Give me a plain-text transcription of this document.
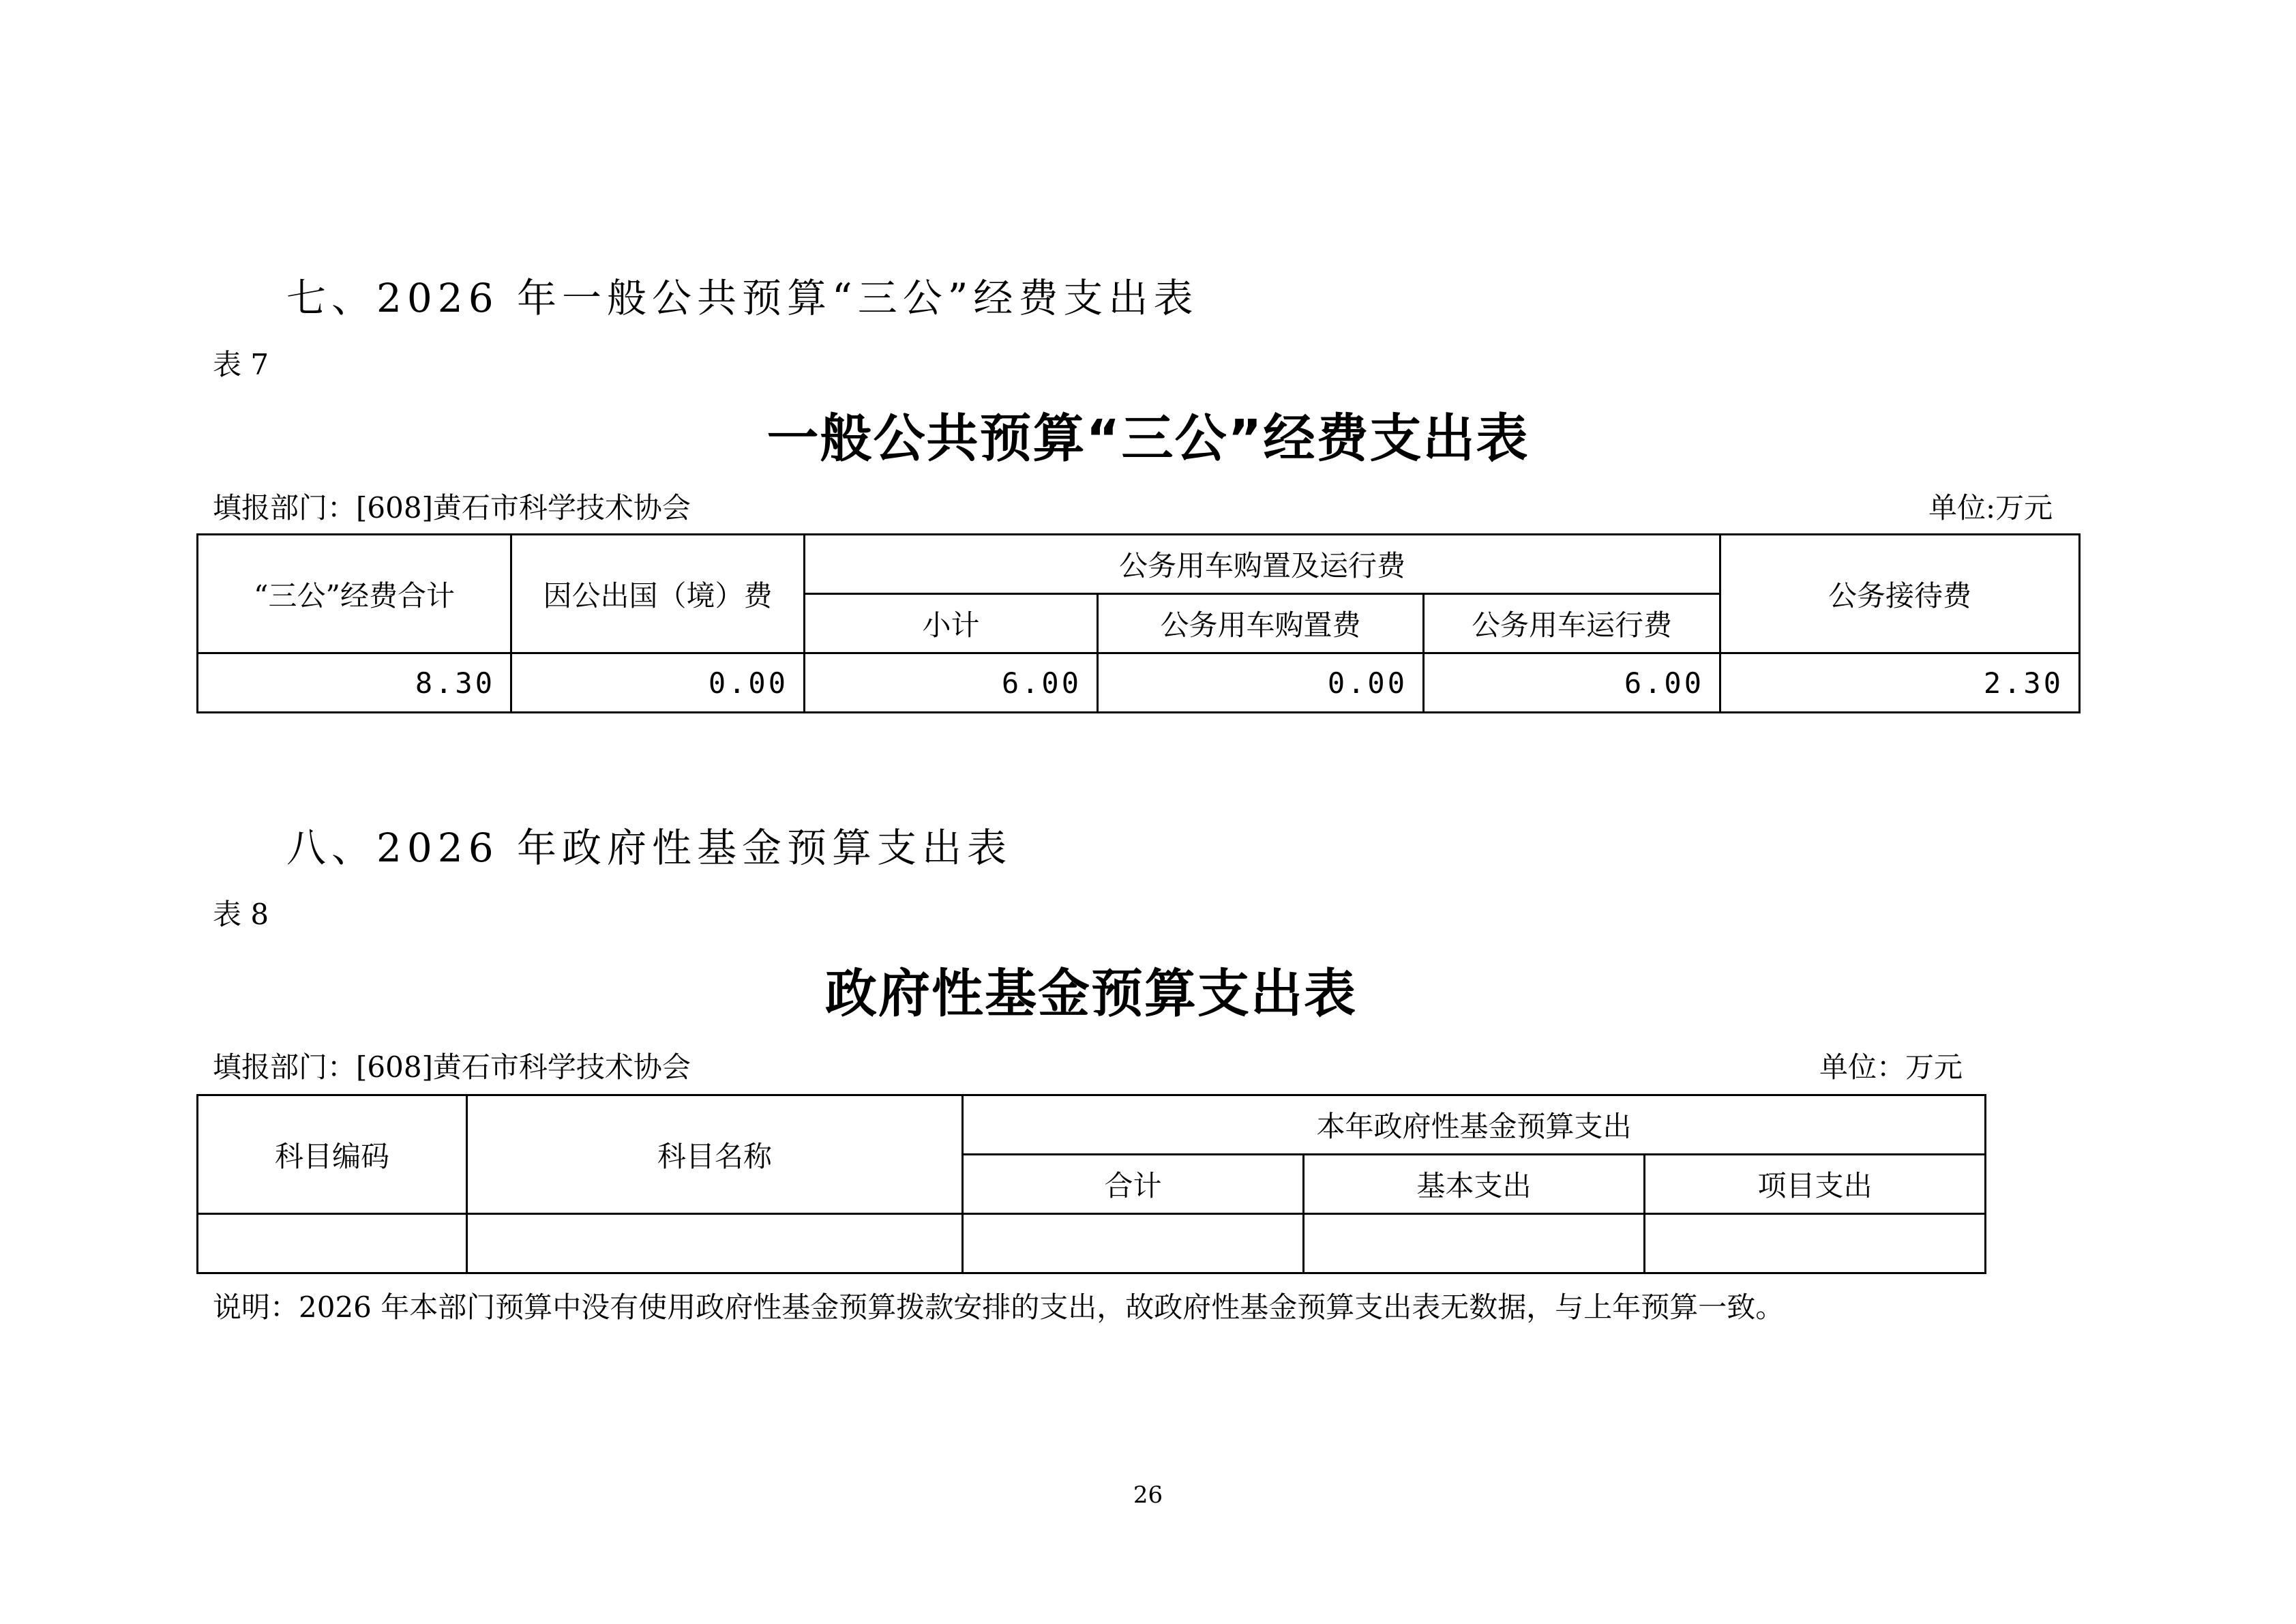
七、2026 年一般公共预算“三公”经费支出表
表 7
一般公共预算“三公”经费支出表
填报部门：[608]黄石市科学技术协会	单位:万元
“三公”经费合计	因公出国（境）费	公务用车购置及运行费			公务接待费
		小计	公务用车购置费	公务用车运行费	
8.30	0.00	6.00	0.00	6.00	2.30
八、2026 年政府性基金预算支出表
表 8
政府性基金预算支出表
填报部门：[608]黄石市科学技术协会	单位：万元
科目编码	科目名称	本年政府性基金预算支出		
		合计	基本支出	项目支出

说明：2026 年本部门预算中没有使用政府性基金预算拨款安排的支出，故政府性基金预算支出表无数据，与上年预算一致。
26
